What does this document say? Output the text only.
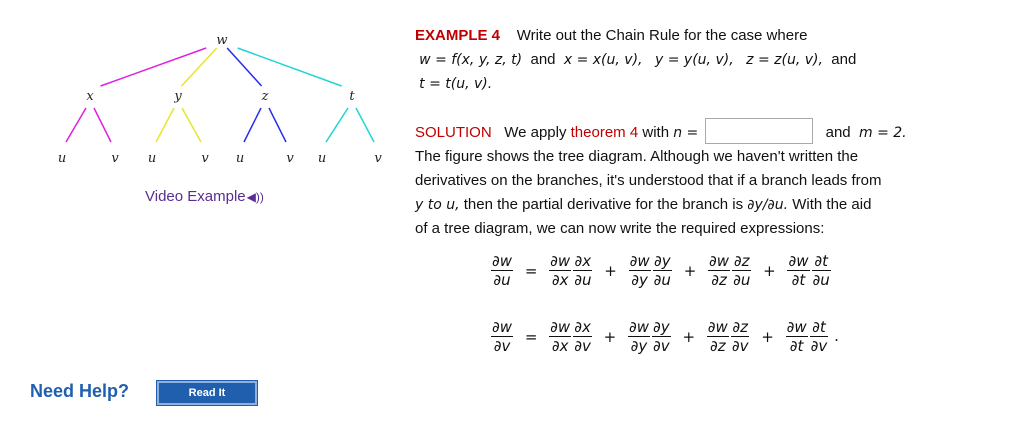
w
x
u	v
y
u	v
z
u	v
t
u	v
Video Example◀))
EXAMPLE 4 Write out the Chain Rule for the case where
w = f(x, y, z, t) and x = x(u, v), y = y(u, v), z = z(u, v), and
t = t(u, v).
SOLUTION We apply theorem 4 with n =	and m = 2.
The figure shows the tree diagram. Although we haven't written the
derivatives on the branches, it's understood that if a branch leads from
y to u, then the partial derivative for the branch is ∂y/∂u. With the aid
of a tree diagram, we can now write the required expressions:
$\frac{\partial w}{\partial u} = \frac{\partial w}{\partial x} \frac{\partial x}{\partial u} + \frac{\partial w}{\partial y} \frac{\partial y}{\partial u} + \frac{\partial w}{\partial z} \frac{\partial z}{\partial u} + \frac{\partial w}{\partial t} \frac{\partial t}{\partial u}$
$\frac{\partial w}{\partial v} = \frac{\partial w}{\partial x} \frac{\partial x}{\partial v} + \frac{\partial w}{\partial y} \frac{\partial y}{\partial v} + \frac{\partial w}{\partial z} \frac{\partial z}{\partial v} + \frac{\partial w}{\partial t} \frac{\partial t}{\partial v}$ .
Need Help?	Read It
